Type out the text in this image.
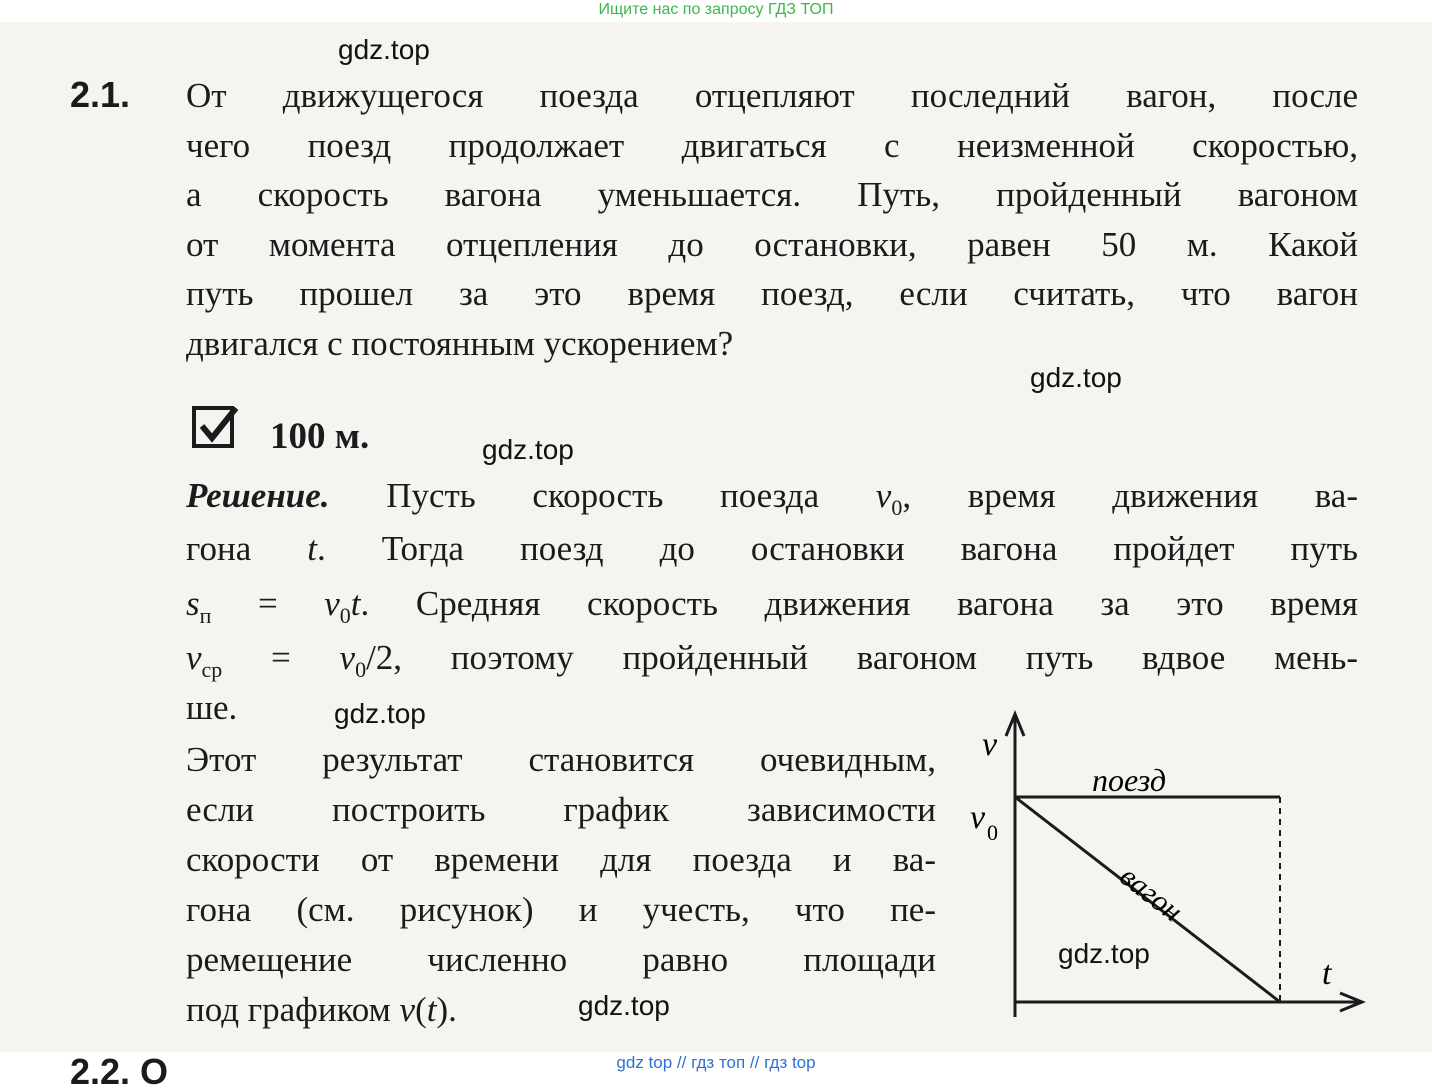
Ищите нас по запросу ГДЗ ТОП
2.1. От движущегося поезда отцепляют последний вагон, после
чего поезд продолжает двигаться с неизменной скоростью,
а скорость вагона уменьшается. Путь, пройденный вагоном
от момента отцепления до остановки, равен 50 м. Какой
путь прошел за это время поезд, если считать, что вагон
двигался с постоянным ускорением?
100 м.
Решение. Пусть скорость поезда $v_0$, время движения ва-
гона t. Тогда поезд до остановки вагона пройдет путь
$s_п = v_0t$. Средняя скорость движения вагона за это время
$v_{ср} = v_0/2$, поэтому пройденный вагоном путь вдвое мень-
ше.
Этот результат становится очевидным,
если построить график зависимости
скорости от времени для поезда и ва-
гона (см. рисунок) и учесть, что пе-
ремещение численно равно площади
под графиком v(t).
v
t
v 0
поезд
вагон
2.2. О
gdz.top
gdz.top
gdz.top
gdz.top
gdz.top
gdz.top
gdz top // гдз топ // гдз top
